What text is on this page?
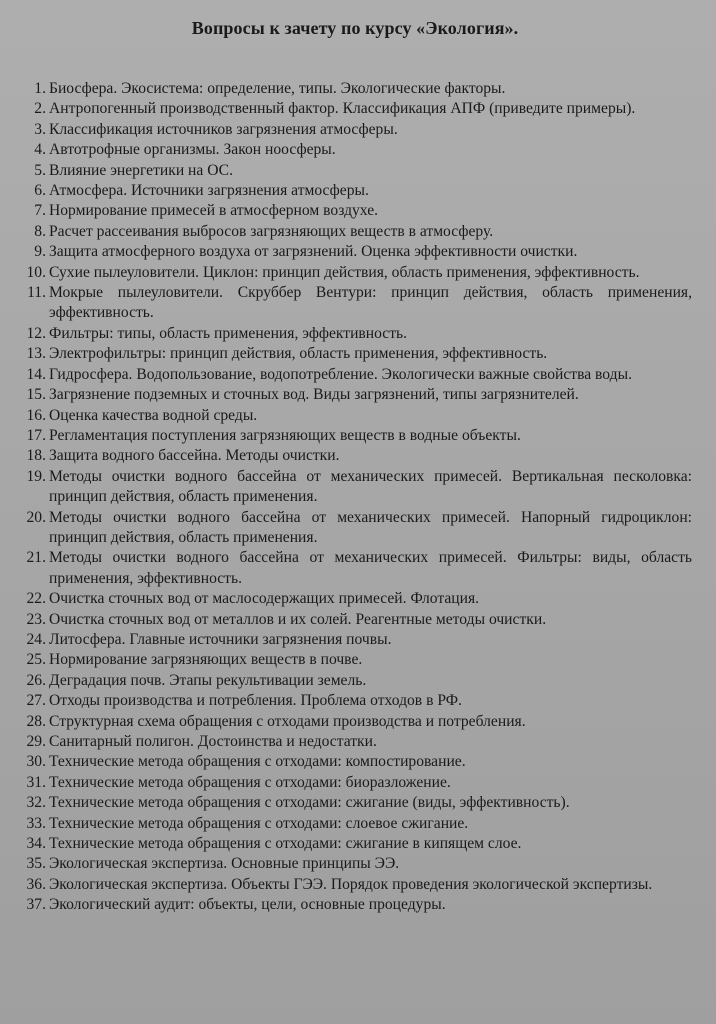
Вопросы к зачету по курсу «Экология».
1. Биосфера. Экосистема: определение, типы. Экологические факторы.
2. Антропогенный производственный фактор. Классификация АПФ (приведите примеры).
3. Классификация источников загрязнения атмосферы.
4. Автотрофные организмы. Закон ноосферы.
5. Влияние энергетики на ОС.
6. Атмосфера. Источники загрязнения атмосферы.
7. Нормирование примесей в атмосферном воздухе.
8. Расчет рассеивания выбросов загрязняющих веществ в атмосферу.
9. Защита атмосферного воздуха от загрязнений. Оценка эффективности очистки.
10. Сухие пылеуловители. Циклон: принцип действия, область применения, эффективность.
11. Мокрые пылеуловители. Скруббер Вентури: принцип действия, область применения, эффективность.
12. Фильтры: типы, область применения, эффективность.
13. Электрофильтры: принцип действия, область применения, эффективность.
14. Гидросфера. Водопользование, водопотребление. Экологически важные свойства воды.
15. Загрязнение подземных и сточных вод. Виды загрязнений, типы загрязнителей.
16. Оценка качества водной среды.
17. Регламентация поступления загрязняющих веществ в водные объекты.
18. Защита водного бассейна. Методы очистки.
19. Методы очистки водного бассейна от механических примесей. Вертикальная песколовка: принцип действия, область применения.
20. Методы очистки водного бассейна от механических примесей. Напорный гидроциклон: принцип действия, область применения.
21. Методы очистки водного бассейна от механических примесей. Фильтры: виды, область применения, эффективность.
22. Очистка сточных вод от маслосодержащих примесей. Флотация.
23. Очистка сточных вод от металлов и их солей. Реагентные методы очистки.
24. Литосфера. Главные источники загрязнения почвы.
25. Нормирование загрязняющих веществ в почве.
26. Деградация почв. Этапы рекультивации земель.
27. Отходы производства и потребления. Проблема отходов в РФ.
28. Структурная схема обращения с отходами производства и потребления.
29. Санитарный полигон. Достоинства и недостатки.
30. Технические метода обращения с отходами: компостирование.
31. Технические метода обращения с отходами: биоразложение.
32. Технические метода обращения с отходами: сжигание (виды, эффективность).
33. Технические метода обращения с отходами: слоевое сжигание.
34. Технические метода обращения с отходами: сжигание в кипящем слое.
35. Экологическая экспертиза. Основные принципы ЭЭ.
36. Экологическая экспертиза. Объекты ГЭЭ. Порядок проведения экологической экспертизы.
37. Экологический аудит: объекты, цели, основные процедуры.
